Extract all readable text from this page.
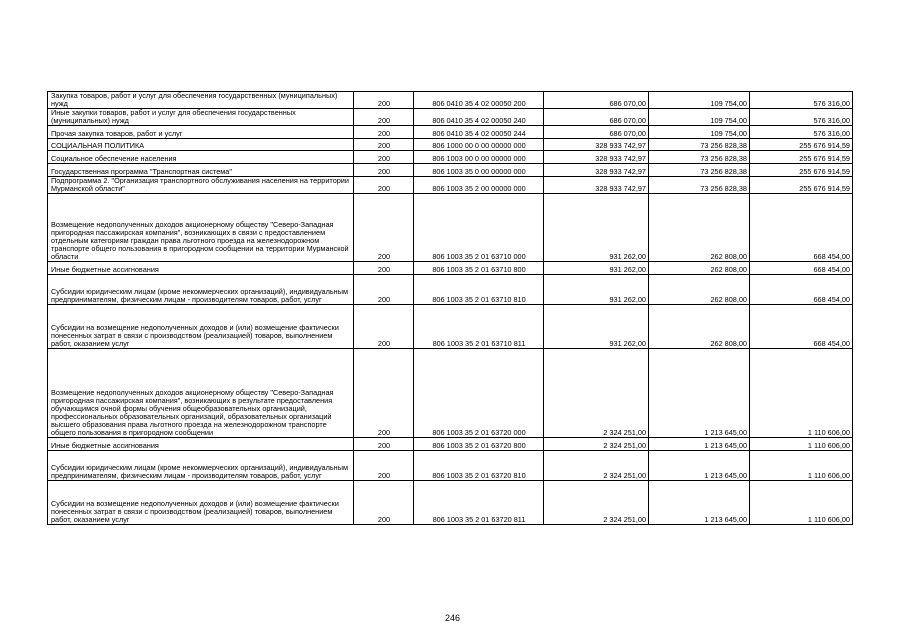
Закупка товаров, работ и услуг для обеспечения государственных (муниципальных) нужд	200	806 0410 35 4 02 00050 200	686 070,00	109 754,00	576 316,00
Иные закупки товаров, работ и услуг для обеспечения государственных (муниципальных) нужд	200	806 0410 35 4 02 00050 240	686 070,00	109 754,00	576 316,00
Прочая закупка товаров, работ и услуг	200	806 0410 35 4 02 00050 244	686 070,00	109 754,00	576 316,00
СОЦИАЛЬНАЯ ПОЛИТИКА	200	806 1000 00 0 00 00000 000	328 933 742,97	73 256 828,38	255 676 914,59
Социальное обеспечение населения	200	806 1003 00 0 00 00000 000	328 933 742,97	73 256 828,38	255 676 914,59
Государственная программа "Транспортная система"	200	806 1003 35 0 00 00000 000	328 933 742,97	73 256 828,38	255 676 914,59
Подпрограмма 2. "Организация транспортного обслуживания населения на территории Мурманской области"	200	806 1003 35 2 00 00000 000	328 933 742,97	73 256 828,38	255 676 914,59
Возмещение недополученных доходов акционерному обществу "Северо-Западная пригородная пассажирская компания", возникающих в связи с предоставлением отдельным категориям граждан права льготного проезда на железнодорожном транспорте общего пользования в пригородном сообщении на территории Мурманской области	200	806 1003 35 2 01 63710 000	931 262,00	262 808,00	668 454,00
Иные бюджетные ассигнования	200	806 1003 35 2 01 63710 800	931 262,00	262 808,00	668 454,00
Субсидии юридическим лицам (кроме некоммерческих организаций), индивидуальным предпринимателям, физическим лицам - производителям товаров, работ, услуг	200	806 1003 35 2 01 63710 810	931 262,00	262 808,00	668 454,00
Субсидии на возмещение недополученных доходов и (или) возмещение фактически понесенных затрат в связи с производством (реализацией) товаров, выполнением работ, оказанием услуг	200	806 1003 35 2 01 63710 811	931 262,00	262 808,00	668 454,00
Возмещение недополученных доходов акционерному обществу "Северо-Западная пригородная пассажирская компания", возникающих в результате предоставления обучающимся очной формы обучения общеобразовательных организаций, профессиональных образовательных организаций, образовательных организаций высшего образования права льготного проезда на железнодорожном транспорте общего пользования в пригородном сообщении	200	806 1003 35 2 01 63720 000	2 324 251,00	1 213 645,00	1 110 606,00
Иные бюджетные ассигнования	200	806 1003 35 2 01 63720 800	2 324 251,00	1 213 645,00	1 110 606,00
Субсидии юридическим лицам (кроме некоммерческих организаций), индивидуальным предпринимателям, физическим лицам - производителям товаров, работ, услуг	200	806 1003 35 2 01 63720 810	2 324 251,00	1 213 645,00	1 110 606,00
Субсидии на возмещение недополученных доходов и (или) возмещение фактически понесенных затрат в связи с производством (реализацией) товаров, выполнением работ, оказанием услуг	200	806 1003 35 2 01 63720 811	2 324 251,00	1 213 645,00	1 110 606,00
246
